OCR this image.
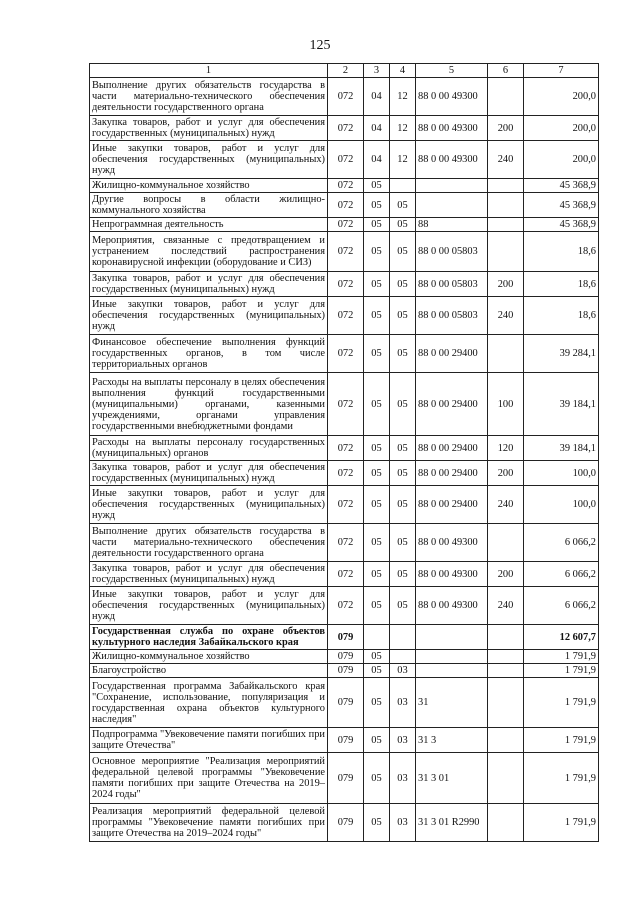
125
1	2	3	4	5	6	7
Выполнение других обязательств государства в части материально-технического обеспечения деятельности государственного органа	072	04	12	88 0 00 49300		200,0
Закупка товаров, работ и услуг для обеспечения государственных (муниципальных) нужд	072	04	12	88 0 00 49300	200	200,0
Иные закупки товаров, работ и услуг для обеспечения государственных (муниципальных) нужд	072	04	12	88 0 00 49300	240	200,0
Жилищно-коммунальное хозяйство	072	05				45 368,9
Другие вопросы в области жилищно-коммунального хозяйства	072	05	05			45 368,9
Непрограммная деятельность	072	05	05	88		45 368,9
Мероприятия, связанные с предотвращением и устранением последствий распространения коронавирусной инфекции (оборудование и СИЗ)	072	05	05	88 0 00 05803		18,6
Закупка товаров, работ и услуг для обеспечения государственных (муниципальных) нужд	072	05	05	88 0 00 05803	200	18,6
Иные закупки товаров, работ и услуг для обеспечения государственных (муниципальных) нужд	072	05	05	88 0 00 05803	240	18,6
Финансовое обеспечение выполнения функций государственных органов, в том числе территориальных органов	072	05	05	88 0 00 29400		39 284,1
Расходы на выплаты персоналу в целях обеспечения выполнения функций государственными (муниципальными) органами, казенными учреждениями, органами управления государственными внебюджетными фондами	072	05	05	88 0 00 29400	100	39 184,1
Расходы на выплаты персоналу государственных (муниципальных) органов	072	05	05	88 0 00 29400	120	39 184,1
Закупка товаров, работ и услуг для обеспечения государственных (муниципальных) нужд	072	05	05	88 0 00 29400	200	100,0
Иные закупки товаров, работ и услуг для обеспечения государственных (муниципальных) нужд	072	05	05	88 0 00 29400	240	100,0
Выполнение других обязательств государства в части материально-технического обеспечения деятельности государственного органа	072	05	05	88 0 00 49300		6 066,2
Закупка товаров, работ и услуг для обеспечения государственных (муниципальных) нужд	072	05	05	88 0 00 49300	200	6 066,2
Иные закупки товаров, работ и услуг для обеспечения государственных (муниципальных) нужд	072	05	05	88 0 00 49300	240	6 066,2
Государственная служба по охране объектов культурного наследия Забайкальского края	079					12 607,7
Жилищно-коммунальное хозяйство	079	05				1 791,9
Благоустройство	079	05	03			1 791,9
Государственная программа Забайкальского края "Сохранение, использование, популяризация и государственная охрана объектов культурного наследия"	079	05	03	31		1 791,9
Подпрограмма "Увековечение памяти погибших при защите Отечества"	079	05	03	31 3		1 791,9
Основное мероприятие "Реализация мероприятий федеральной целевой программы "Увековечение памяти погибших при защите Отечества на 2019–2024 годы"	079	05	03	31 3 01		1 791,9
Реализация мероприятий федеральной целевой программы "Увековечение памяти погибших при защите Отечества на 2019–2024 годы"	079	05	03	31 3 01 R2990		1 791,9
